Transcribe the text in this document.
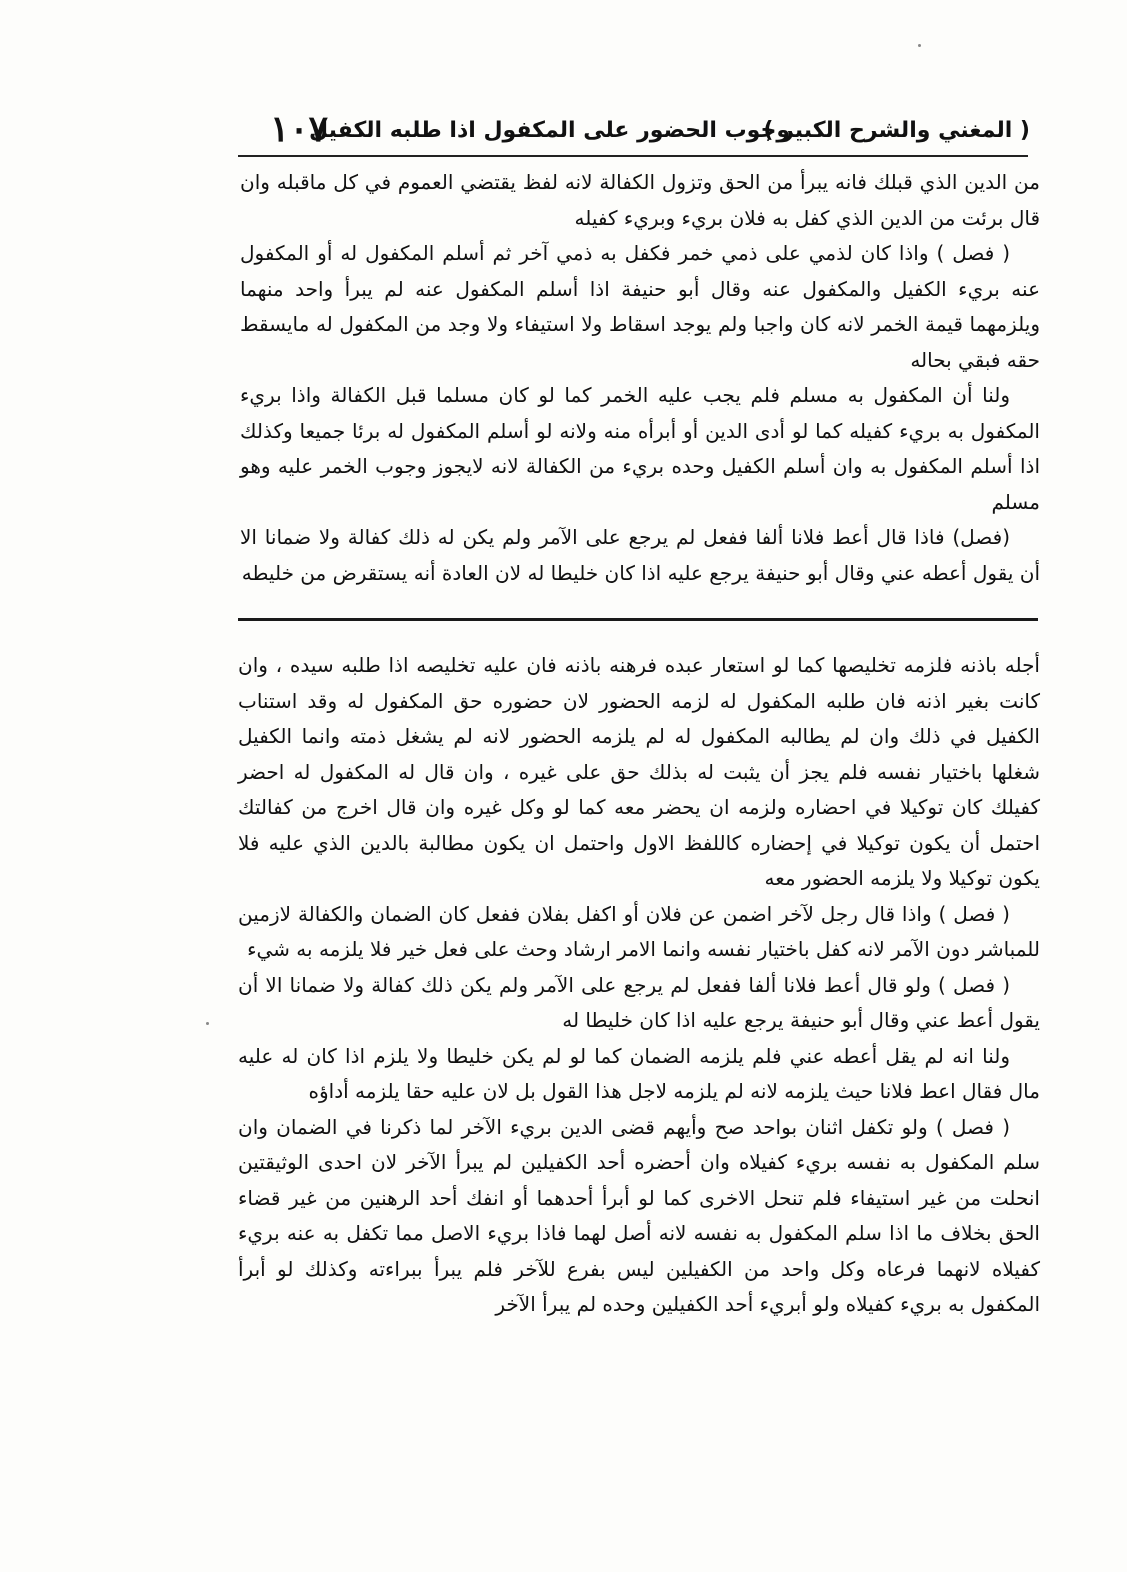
( المغني والشرح الكبير )
وجوب الحضور على المكفول اذا طلبه الكفيل
١٠٧

من الدين الذي قبلك فانه يبرأ من الحق وتزول الكفالة لانه لفظ يقتضي العموم في كل ماقبله وان قال برئت من الدين الذي كفل به فلان بريء وبريء كفيله

( فصل ) واذا كان لذمي على ذمي خمر فكفل به ذمي آخر ثم أسلم المكفول له أو المكفول عنه بريء الكفيل والمكفول عنه وقال أبو حنيفة اذا أسلم المكفول عنه لم يبرأ واحد منهما ويلزمهما قيمة الخمر لانه كان واجبا ولم يوجد اسقاط ولا استيفاء ولا وجد من المكفول له مايسقط حقه فبقي بحاله

ولنا أن المكفول به مسلم فلم يجب عليه الخمر كما لو كان مسلما قبل الكفالة واذا بريء المكفول به بريء كفيله كما لو أدى الدين أو أبرأه منه ولانه لو أسلم المكفول له برئا جميعا وكذلك اذا أسلم المكفول به وان أسلم الكفيل وحده بريء من الكفالة لانه لايجوز وجوب الخمر عليه وهو مسلم

(فصل) فاذا قال أعط فلانا ألفا ففعل لم يرجع على الآمر ولم يكن له ذلك كفالة ولا ضمانا الا أن يقول أعطه عني وقال أبو حنيفة يرجع عليه اذا كان خليطا له لان العادة أنه يستقرض من خليطه

أجله باذنه فلزمه تخليصها كما لو استعار عبده فرهنه باذنه فان عليه تخليصه اذا طلبه سيده ، وان كانت بغير اذنه فان طلبه المكفول له لزمه الحضور لان حضوره حق المكفول له وقد استناب الكفيل في ذلك وان لم يطالبه المكفول له لم يلزمه الحضور لانه لم يشغل ذمته وانما الكفيل شغلها باختيار نفسه فلم يجز أن يثبت له بذلك حق على غيره ، وان قال له المكفول له احضر كفيلك كان توكيلا في احضاره ولزمه ان يحضر معه كما لو وكل غيره وان قال اخرج من كفالتك احتمل أن يكون توكيلا في إحضاره كاللفظ الاول واحتمل ان يكون مطالبة بالدين الذي عليه فلا يكون توكيلا ولا يلزمه الحضور معه

( فصل ) واذا قال رجل لآخر اضمن عن فلان أو اكفل بفلان ففعل كان الضمان والكفالة لازمين للمباشر دون الآمر لانه كفل باختيار نفسه وانما الامر ارشاد وحث على فعل خير فلا يلزمه به شيء

( فصل ) ولو قال أعط فلانا ألفا ففعل لم يرجع على الآمر ولم يكن ذلك كفالة ولا ضمانا الا أن يقول أعط عني وقال أبو حنيفة يرجع عليه اذا كان خليطا له

ولنا انه لم يقل أعطه عني فلم يلزمه الضمان كما لو لم يكن خليطا ولا يلزم اذا كان له عليه مال فقال اعط فلانا حيث يلزمه لانه لم يلزمه لاجل هذا القول بل لان عليه حقا يلزمه أداؤه

( فصل ) ولو تكفل اثنان بواحد صح وأيهم قضى الدين بريء الآخر لما ذكرنا في الضمان وان سلم المكفول به نفسه بريء كفيلاه وان أحضره أحد الكفيلين لم يبرأ الآخر لان احدى الوثيقتين انحلت من غير استيفاء فلم تنحل الاخرى كما لو أبرأ أحدهما أو انفك أحد الرهنين من غير قضاء الحق بخلاف ما اذا سلم المكفول به نفسه لانه أصل لهما فاذا بريء الاصل مما تكفل به عنه بريء كفيلاه لانهما فرعاه وكل واحد من الكفيلين ليس بفرع للآخر فلم يبرأ ببراءته وكذلك لو أبرأ المكفول به بريء كفيلاه ولو أبريء أحد الكفيلين وحده لم يبرأ الآخر
